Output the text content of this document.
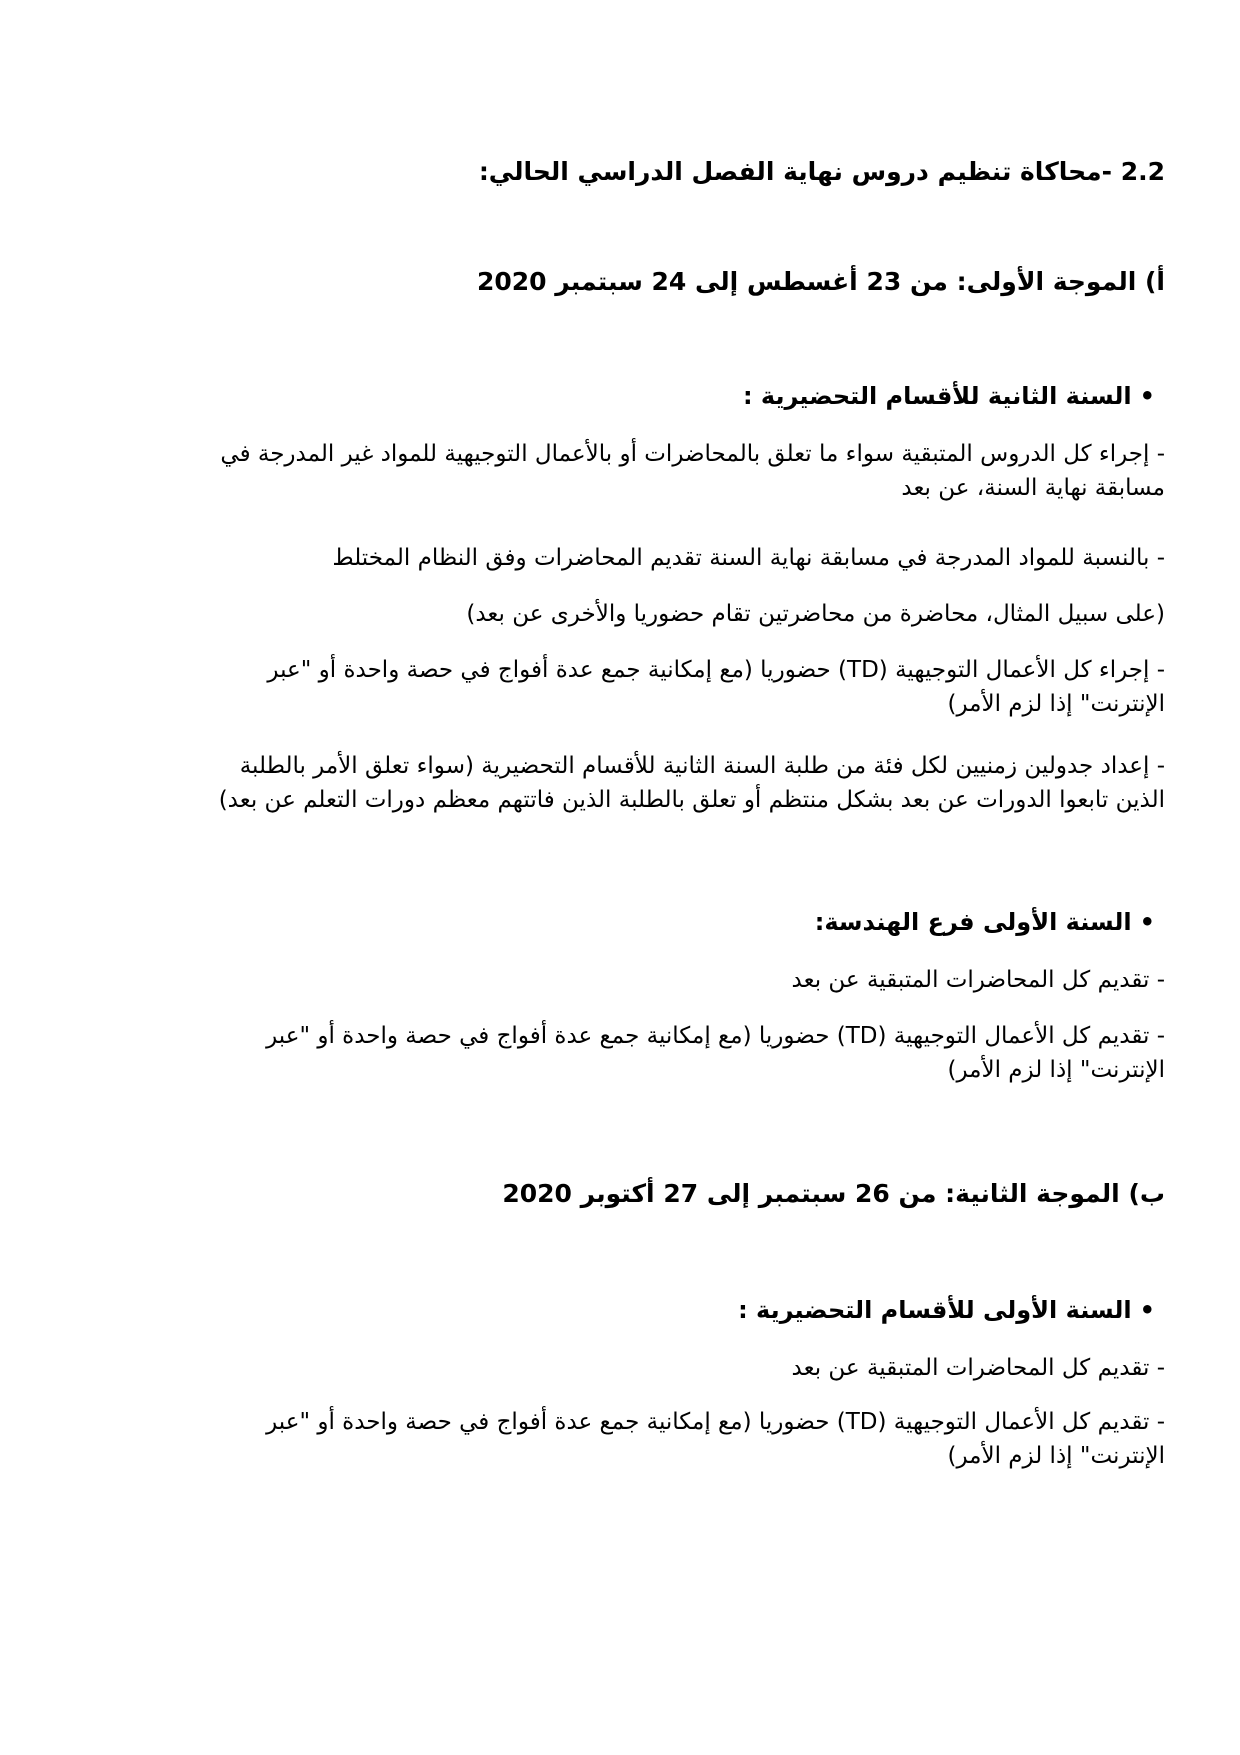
2.2 -محاكاة تنظيم دروس نهاية الفصل الدراسي الحالي:
أ) الموجة الأولى: من 23 أغسطس إلى 24 سبتمبر 2020
•السنة الثانية للأقسام التحضيرية :
- إجراء كل الدروس المتبقية سواء ما تعلق بالمحاضرات أو بالأعمال التوجيهية للمواد غير المدرجة في
مسابقة نهاية السنة، عن بعد
- بالنسبة للمواد المدرجة في مسابقة نهاية السنة تقديم المحاضرات وفق النظام المختلط
(على سبيل المثال، محاضرة من محاضرتين تقام حضوريا والأخرى عن بعد)
- إجراء كل الأعمال التوجيهية (TD) حضوريا (مع إمكانية جمع عدة أفواج في حصة واحدة أو "عبر
الإنترنت" إذا لزم الأمر)
- إعداد جدولين زمنيين لكل فئة من طلبة السنة الثانية للأقسام التحضيرية (سواء تعلق الأمر بالطلبة
الذين تابعوا الدورات عن بعد بشكل منتظم أو تعلق بالطلبة الذين فاتتهم معظم دورات التعلم عن بعد)
•السنة الأولى فرع الهندسة:
- تقديم كل المحاضرات المتبقية عن بعد
- تقديم كل الأعمال التوجيهية (TD) حضوريا (مع إمكانية جمع عدة أفواج في حصة واحدة أو "عبر
الإنترنت" إذا لزم الأمر)
ب) الموجة الثانية: من 26 سبتمبر إلى 27 أكتوبر 2020
•السنة الأولى للأقسام التحضيرية :
- تقديم كل المحاضرات المتبقية عن بعد
- تقديم كل الأعمال التوجيهية (TD) حضوريا (مع إمكانية جمع عدة أفواج في حصة واحدة أو "عبر
الإنترنت" إذا لزم الأمر)
